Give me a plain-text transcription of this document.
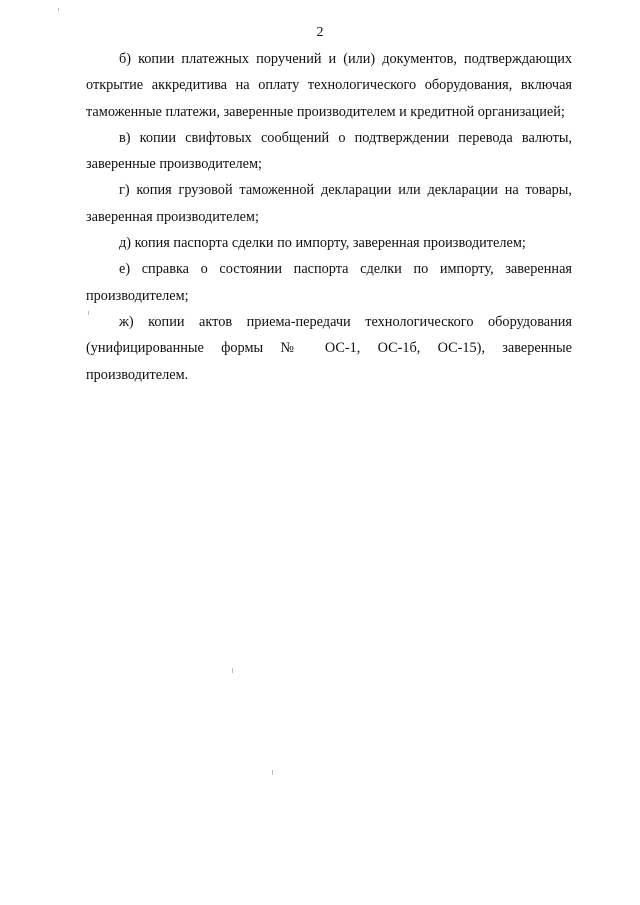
2

б) копии платежных поручений и (или) документов, подтверждающих открытие аккредитива на оплату технологического оборудования, включая таможенные платежи, заверенные производителем и кредитной организацией;

в) копии свифтовых сообщений о подтверждении перевода валюты, заверенные производителем;

г) копия грузовой таможенной декларации или декларации на товары, заверенная производителем;

д) копия паспорта сделки по импорту, заверенная производителем;

е) справка о состоянии паспорта сделки по импорту, заверенная производителем;

ж) копии актов приема-передачи технологического оборудования (унифицированные формы № ОС-1, ОС-1б, ОС-15), заверенные производителем.
